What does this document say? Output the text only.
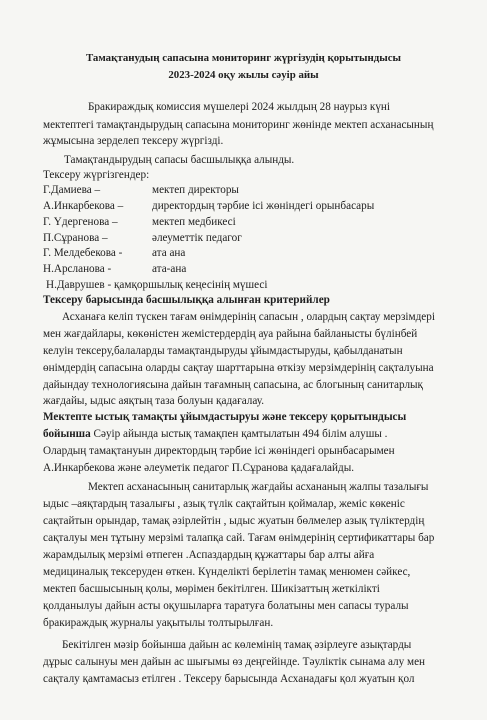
Тамақтанудың сапасына мониторинг жүргізудің қорытындысы
2023-2024 оқу жылы сәуір айы
Бракираждық комиссия мүшелері 2024 жылдың 28 наурыз күні
мектептегі тамақтандырудың сапасына мониторинг жөнінде мектеп асханасының
жұмысына зерделеп тексеру жүргізді.
Тамақтандырудың сапасы басшылыққа алынды.
Тексеру жүргізгендер:
Г.Дамиева –	мектеп директоры
А.Инкарбекова –	директордың тәрбие ісі жөніндегі орынбасары
Г. Үдергенова –	мектеп медбикесі
П.Сұранова –	әлеуметтік педагог
Г. Мелдебекова -	ата ана
Н.Арсланова -	ата-ана
Н.Даврушев - қамқоршылық кеңесінің мүшесі
Тексеру барысында басшылыққа алынған критерийлер
Асханаға келіп түскен тағам өнімдерінің сапасын , олардың сақтау мерзімдері
мен жағдайлары, көкөністен жемістердердің ауа райына байланысты бүлінбей
келуін тексеру,балаларды тамақтандыруды ұйымдастыруды, қабылданатын
өнімдердің сапасына оларды сақтау шарттарына өткізу мерзімдерінің сақталуына
дайындау технологиясына дайын тағамның сапасына, ас блогының санитарлық
жағдайы, ыдыс аяқтың таза болуын қадағалау.
Мектепте ыстық тамақты ұйымдастыруы және тексеру қорытындысы
бойынша Сәуір айында ыстық тамақпен қамтылатын 494 білім алушы .
Олардың тамақтануын директордың тәрбие ісі жөніндегі орынбасарымен
А.Инкарбекова және әлеуметік педагог П.Сұранова қадағалайды.
Мектеп асханасының санитарлық жағдайы асхананың жалпы тазалығы
ыдыс –аяқтардың тазалығы , азық түлік сақтайтын қоймалар, жеміс көкеніс
сақтайтын орындар, тамақ әзірлейтін , ыдыс жуатын бөлмелер азық түліктердің
сақталуы мен тұтыну мерзімі талапқа сай. Тағам өнімдерінің сертификаттары бар
жарамдылық мерзімі өтпеген .Аспаздардың құжаттары бар алты айға
медициналық тексеруден өткен. Күнделікті берілетін тамақ менюмен сәйкес,
мектеп басшысының қолы, мөрімен бекітілген. Шикізаттың жеткілікті
қолданылуы дайын асты оқушыларға таратуға болатыны мен сапасы туралы
бракираждық журналы уақытылы толтырылған.
Бекітілген мәзір бойынша дайын ас көлемінің тамақ әзірлеуге азықтарды
дұрыс салынуы мен дайын ас шығымы өз деңгейінде. Тәуліктік сынама алу мен
сақталу қамтамасыз етілген . Тексеру барысында Асханадағы қол жуатын қол
